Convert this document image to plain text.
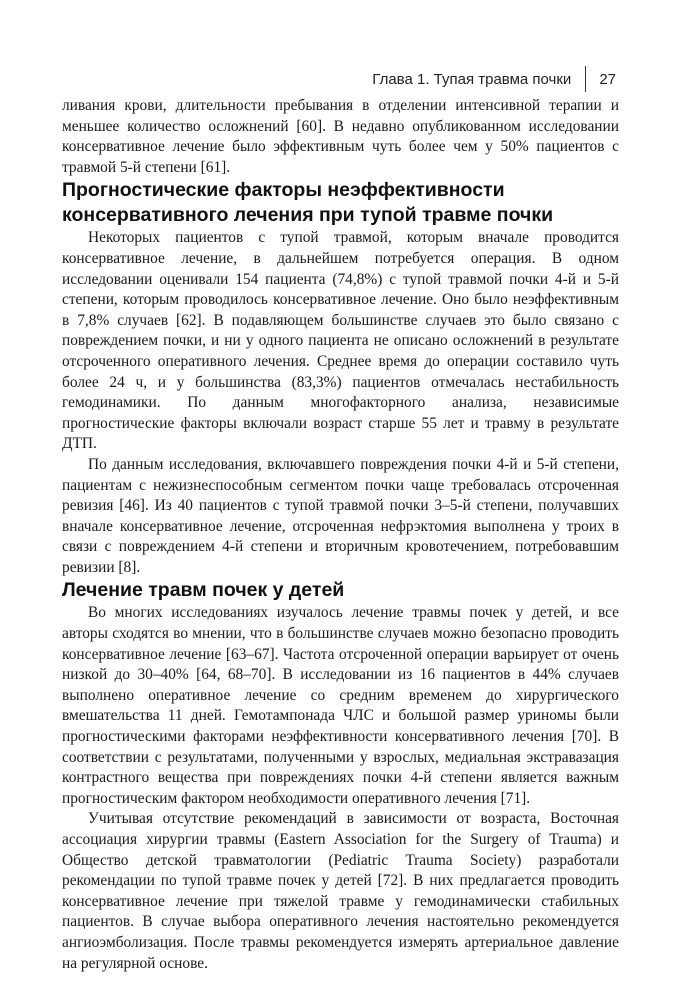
Глава 1. Тупая травма почки 27

ливания крови, длительности пребывания в отделении интенсивной терапии и меньшее количество осложнений [60]. В недавно опубликованном исследовании консервативное лечение было эффективным чуть более чем у 50% пациентов с травмой 5-й степени [61].

Прогностические факторы неэффективности консервативного лечения при тупой травме почки

Некоторых пациентов с тупой травмой, которым вначале проводится консервативное лечение, в дальнейшем потребуется операция. В одном исследовании оценивали 154 пациента (74,8%) с тупой травмой почки 4-й и 5-й степени, которым проводилось консервативное лечение. Оно было неэффективным в 7,8% случаев [62]. В подавляющем большинстве случаев это было связано с повреждением почки, и ни у одного пациента не описано осложнений в результате отсроченного оперативного лечения. Среднее время до операции составило чуть более 24 ч, и у большинства (83,3%) пациентов отмечалась нестабильность гемодинамики. По данным многофакторного анализа, независимые прогностические факторы включали возраст старше 55 лет и травму в результате ДТП.

По данным исследования, включавшего повреждения почки 4-й и 5-й степени, пациентам с нежизнеспособным сегментом почки чаще требовалась отсроченная ревизия [46]. Из 40 пациентов с тупой травмой почки 3–5-й степени, получавших вначале консервативное лечение, отсроченная нефрэктомия выполнена у троих в связи с повреждением 4-й степени и вторичным кровотечением, потребовавшим ревизии [8].

Лечение травм почек у детей

Во многих исследованиях изучалось лечение травмы почек у детей, и все авторы сходятся во мнении, что в большинстве случаев можно безопасно проводить консервативное лечение [63–67]. Частота отсроченной операции варьирует от очень низкой до 30–40% [64, 68–70]. В исследовании из 16 пациентов в 44% случаев выполнено оперативное лечение со средним временем до хирургического вмешательства 11 дней. Гемотампонада ЧЛС и большой размер уриномы были прогностическими факторами неэффективности консервативного лечения [70]. В соответствии с результатами, полученными у взрослых, медиальная экстравазация контрастного вещества при повреждениях почки 4-й степени является важным прогностическим фактором необходимости оперативного лечения [71].

Учитывая отсутствие рекомендаций в зависимости от возраста, Восточная ассоциация хирургии травмы (Eastern Association for the Surgery of Trauma) и Общество детской травматологии (Pediatric Trauma Society) разработали рекомендации по тупой травме почек у детей [72]. В них предлагается проводить консервативное лечение при тяжелой травме у гемодинамически стабильных пациентов. В случае выбора оперативного лечения настоятельно рекомендуется ангиоэмболизация. После травмы рекомендуется измерять артериальное давление на регулярной основе.
